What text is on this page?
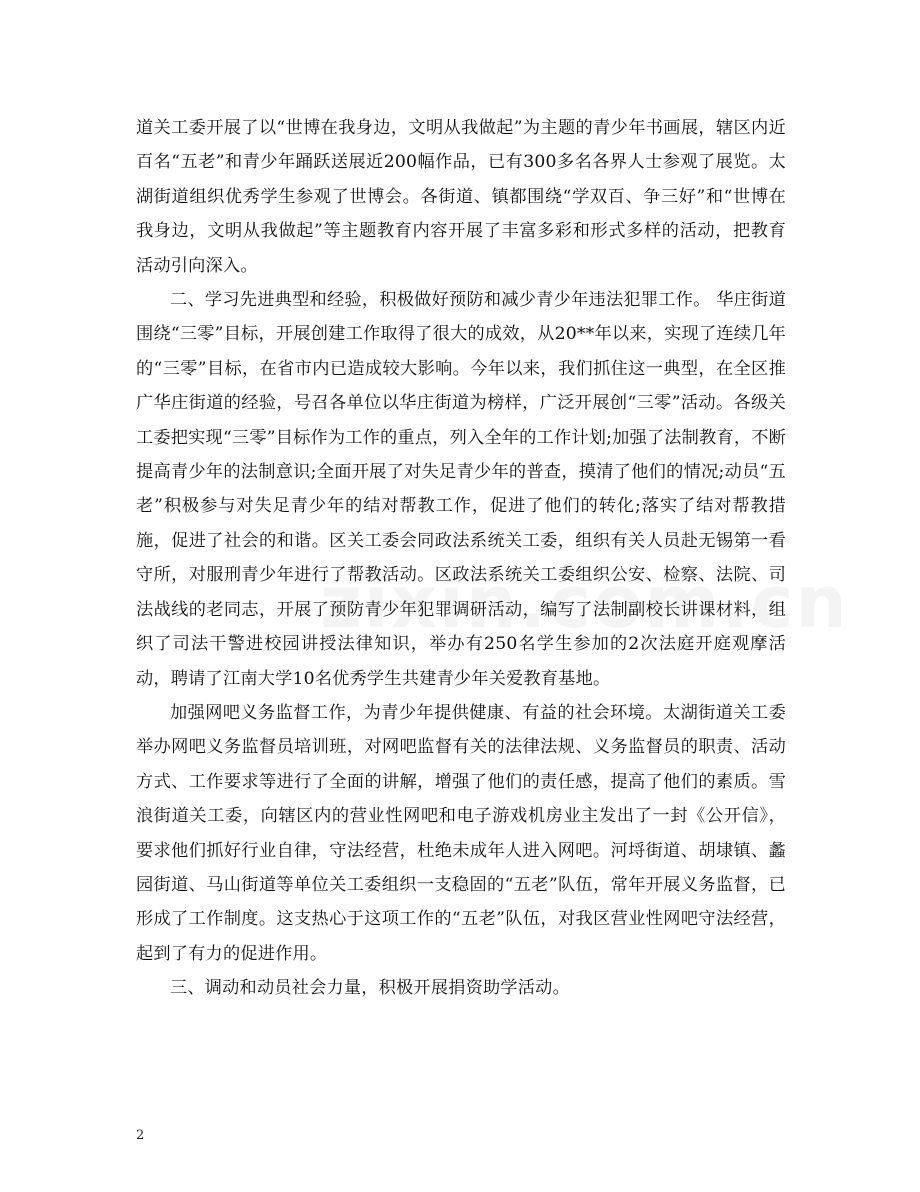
道关工委开展了以“世博在我身边，文明从我做起”为主题的青少年书画展，辖区内近百名“五老”和青少年踊跃送展近200幅作品，已有300多名各界人士参观了展览。太湖街道组织优秀学生参观了世博会。各街道、镇都围绕“学双百、争三好”和“世博在我身边，文明从我做起”等主题教育内容开展了丰富多彩和形式多样的活动，把教育活动引向深入。

二、学习先进典型和经验，积极做好预防和减少青少年违法犯罪工作。 华庄街道围绕“三零”目标，开展创建工作取得了很大的成效，从20**年以来，实现了连续几年的“三零”目标，在省市内已造成较大影响。今年以来，我们抓住这一典型，在全区推广华庄街道的经验，号召各单位以华庄街道为榜样，广泛开展创“三零”活动。各级关工委把实现“三零”目标作为工作的重点，列入全年的工作计划;加强了法制教育，不断提高青少年的法制意识;全面开展了对失足青少年的普查，摸清了他们的情况;动员“五老”积极参与对失足青少年的结对帮教工作，促进了他们的转化;落实了结对帮教措施，促进了社会的和谐。区关工委会同政法系统关工委，组织有关人员赴无锡第一看守所，对服刑青少年进行了帮教活动。区政法系统关工委组织公安、检察、法院、司法战线的老同志，开展了预防青少年犯罪调研活动，编写了法制副校长讲课材料，组织了司法干警进校园讲授法律知识，举办有250名学生参加的2次法庭开庭观摩活动，聘请了江南大学10名优秀学生共建青少年关爱教育基地。

加强网吧义务监督工作，为青少年提供健康、有益的社会环境。太湖街道关工委举办网吧义务监督员培训班，对网吧监督有关的法律法规、义务监督员的职责、活动方式、工作要求等进行了全面的讲解，增强了他们的责任感，提高了他们的素质。雪浪街道关工委，向辖区内的营业性网吧和电子游戏机房业主发出了一封《公开信》，要求他们抓好行业自律，守法经营，杜绝未成年人进入网吧。河埒街道、胡埭镇、蠡园街道、马山街道等单位关工委组织一支稳固的“五老”队伍，常年开展义务监督，已形成了工作制度。这支热心于这项工作的“五老”队伍，对我区营业性网吧守法经营，起到了有力的促进作用。

三、调动和动员社会力量，积极开展捐资助学活动。

2
